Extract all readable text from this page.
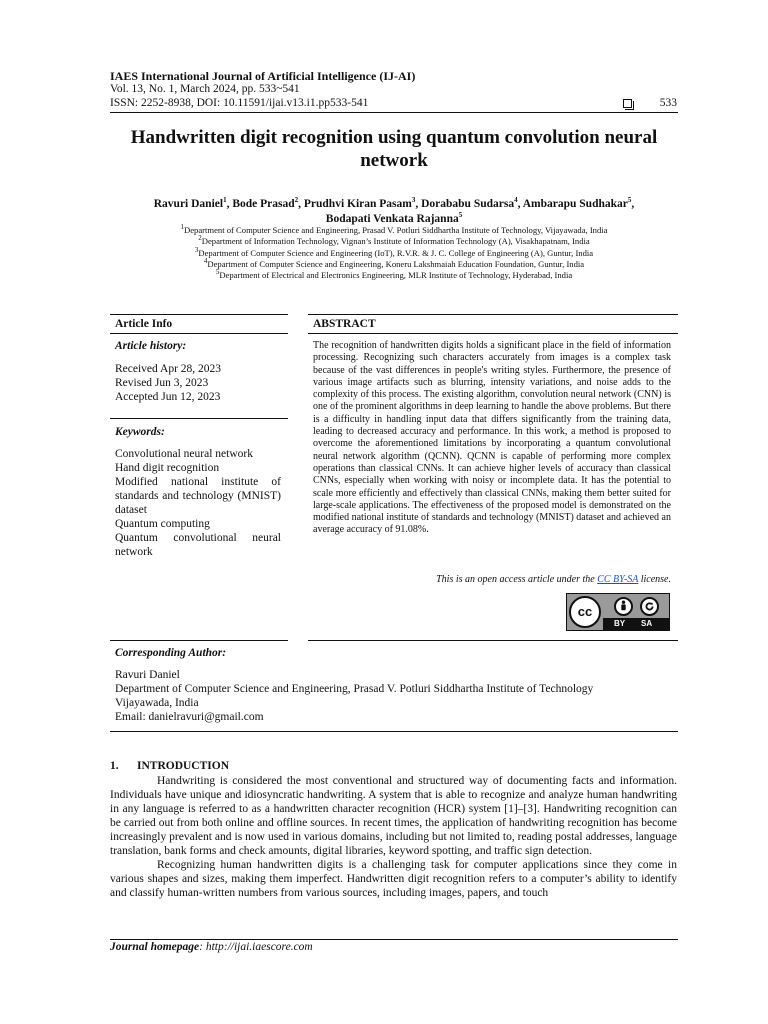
IAES International Journal of Artificial Intelligence (IJ-AI)
Vol. 13, No. 1, March 2024, pp. 533~541
ISSN: 2252-8938, DOI: 10.11591/ijai.v13.i1.pp533-541	533
Handwritten digit recognition using quantum convolution neural network
Ravuri Daniel$^1$, Bode Prasad$^2$, Prudhvi Kiran Pasam$^3$, Dorababu Sudarsa$^4$, Ambarapu Sudhakar$^5$,
Bodapati Venkata Rajanna$^5$
$^1$Department of Computer Science and Engineering, Prasad V. Potluri Siddhartha Institute of Technology, Vijayawada, India
$^2$Department of Information Technology, Vignan’s Institute of Information Technology (A), Visakhapatnam, India
$^3$Department of Computer Science and Engineering (IoT), R.V.R. & J. C. College of Engineering (A), Guntur, India
$^4$Department of Computer Science and Engineering, Koneru Lakshmaiah Education Foundation, Guntur, India
$^5$Department of Electrical and Electronics Engineering, MLR Institute of Technology, Hyderabad, India
Article Info
Article history:
Received Apr 28, 2023
Revised Jun 3, 2023
Accepted Jun 12, 2023
Keywords:
Convolutional neural network
Hand digit recognition
Modified national institute of standards and technology (MNIST) dataset
Quantum computing
Quantum convolutional neural network
ABSTRACT
The recognition of handwritten digits holds a significant place in the field of information processing. Recognizing such characters accurately from images is a complex task because of the vast differences in people's writing styles. Furthermore, the presence of various image artifacts such as blurring, intensity variations, and noise adds to the complexity of this process. The existing algorithm, convolution neural network (CNN) is one of the prominent algorithms in deep learning to handle the above problems. But there is a difficulty in handling input data that differs significantly from the training data, leading to decreased accuracy and performance. In this work, a method is proposed to overcome the aforementioned limitations by incorporating a quantum convolutional neural network algorithm (QCNN). QCNN is capable of performing more complex operations than classical CNNs. It can achieve higher levels of accuracy than classical CNNs, especially when working with noisy or incomplete data. It has the potential to scale more efficiently and effectively than classical CNNs, making them better suited for large-scale applications. The effectiveness of the proposed model is demonstrated on the modified national institute of standards and technology (MNIST) dataset and achieved an average accuracy of 91.08%.
This is an open access article under the CC BY-SA license.
cc
BY SA
Corresponding Author:
Ravuri Daniel
Department of Computer Science and Engineering, Prasad V. Potluri Siddhartha Institute of Technology
Vijayawada, India
Email: danielravuri@gmail.com
1. INTRODUCTION

Handwriting is considered the most conventional and structured way of documenting facts and information. Individuals have unique and idiosyncratic handwriting. A system that is able to recognize and analyze human handwriting in any language is referred to as a handwritten character recognition (HCR) system [1]–[3]. Handwriting recognition can be carried out from both online and offline sources. In recent times, the application of handwriting recognition has become increasingly prevalent and is now used in various domains, including but not limited to, reading postal addresses, language translation, bank forms and check amounts, digital libraries, keyword spotting, and traffic sign detection.

Recognizing human handwritten digits is a challenging task for computer applications since they come in various shapes and sizes, making them imperfect. Handwritten digit recognition refers to a computer’s ability to identify and classify human-written numbers from various sources, including images, papers, and touch

Journal homepage: http://ijai.iaescore.com
